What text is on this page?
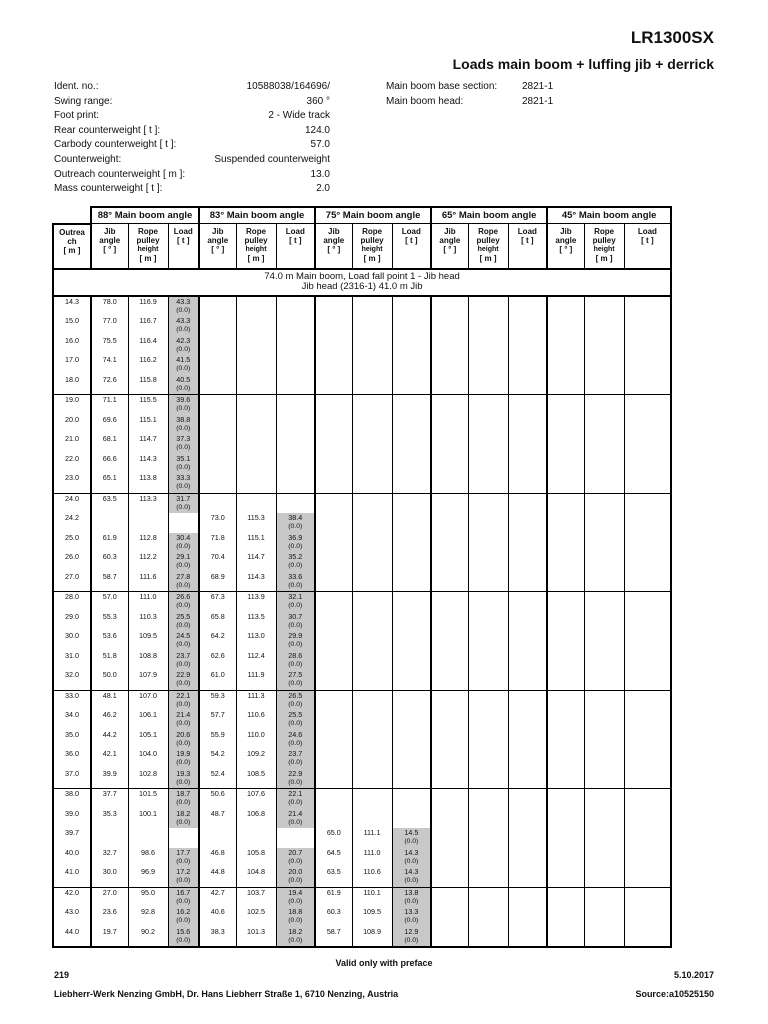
LR1300SX
Loads main boom + luffing jib + derrick
Ident. no.:	10588038/164696/
Swing range:	360 °
Foot print:	2 - Wide track
Rear counterweight [ t ]:	124.0
Carbody counterweight [ t ]:	57.0
Counterweight:	Suspended counterweight
Outreach counterweight [ m ]:	13.0
Mass counterweight [ t ]:	2.0
Main boom base section: 2821-1
Main boom head:	2821-1
	88° Main boom angle			83° Main boom angle			75° Main boom angle			65° Main boom angle			45° Main boom angle		

Outrea
ch
[ m ]	Jib
angle
[ ° ]	Rope
pulley
height
[ m ]	Load
[ t ]	Jib
angle
[ ° ]	Rope
pulley
height
[ m ]	Load
[ t ]	Jib
angle
[ ° ]	Rope
pulley
height
[ m ]	Load
[ t ]	Jib
angle
[ ° ]	Rope
pulley
height
[ m ]	Load
[ t ]	Jib
angle
[ ° ]	Rope
pulley
height
[ m ]	Load
[ t ]

74.0 m Main boom, Load fall point 1 - Jib head
Jib head (2316-1) 41.0 m Jib															

14.3	78.0	116.9	43.3
(0.0)												

15.0	77.0	116.7	43.3
(0.0)												

16.0	75.5	116.4	42.3
(0.0)												

17.0	74.1	116.2	41.5
(0.0)												

18.0	72.6	115.8	40.5
(0.0)												

19.0	71.1	115.5	39.6
(0.0)												

20.0	69.6	115.1	38.8
(0.0)												

21.0	68.1	114.7	37.3
(0.0)												

22.0	66.6	114.3	35.1
(0.0)												

23.0	65.1	113.8	33.3
(0.0)												

24.0	63.5	113.3	31.7
(0.0)												

24.2				73.0	115.3	38.4
(0.0)									

25.0	61.9	112.8	30.4
(0.0)	71.8	115.1	36.9
(0.0)									

26.0	60.3	112.2	29.1
(0.0)	70.4	114.7	35.2
(0.0)									

27.0	58.7	111.6	27.8
(0.0)	68.9	114.3	33.6
(0.0)									

28.0	57.0	111.0	26.6
(0.0)	67.3	113.9	32.1
(0.0)									

29.0	55.3	110.3	25.5
(0.0)	65.8	113.5	30.7
(0.0)									

30.0	53.6	109.5	24.5
(0.0)	64.2	113.0	29.9
(0.0)									

31.0	51.8	108.8	23.7
(0.0)	62.6	112.4	28.6
(0.0)									

32.0	50.0	107.9	22.9
(0.0)	61.0	111.9	27.5
(0.0)									

33.0	48.1	107.0	22.1
(0.0)	59.3	111.3	26.5
(0.0)									

34.0	46.2	106.1	21.4
(0.0)	57.7	110.6	25.5
(0.0)									

35.0	44.2	105.1	20.6
(0.0)	55.9	110.0	24.6
(0.0)									

36.0	42.1	104.0	19.9
(0.0)	54.2	109.2	23.7
(0.0)									

37.0	39.9	102.8	19.3
(0.0)	52.4	108.5	22.9
(0.0)									

38.0	37.7	101.5	18.7
(0.0)	50.6	107.6	22.1
(0.0)									

39.0	35.3	100.1	18.2
(0.0)	48.7	106.8	21.4
(0.0)									

39.7							65.0	111.1	14.5
(0.0)						

40.0	32.7	98.6	17.7
(0.0)	46.8	105.8	20.7
(0.0)	64.5	111.0	14.3
(0.0)						

41.0	30.0	96.9	17.2
(0.0)	44.8	104.8	20.0
(0.0)	63.5	110.6	14.3
(0.0)						

42.0	27.0	95.0	16.7
(0.0)	42.7	103.7	19.4
(0.0)	61.9	110.1	13.8
(0.0)						

43.0	23.6	92.8	16.2
(0.0)	40.6	102.5	18.8
(0.0)	60.3	109.5	13.3
(0.0)						

44.0	19.7	90.2	15.6
(0.0)	38.3	101.3	18.2
(0.0)	58.7	108.9	12.9
(0.0)						

Valid only with preface
219	5.10.2017
Liebherr-Werk Nenzing GmbH, Dr. Hans Liebherr Straße 1, 6710 Nenzing, Austria	Source:a10525150
